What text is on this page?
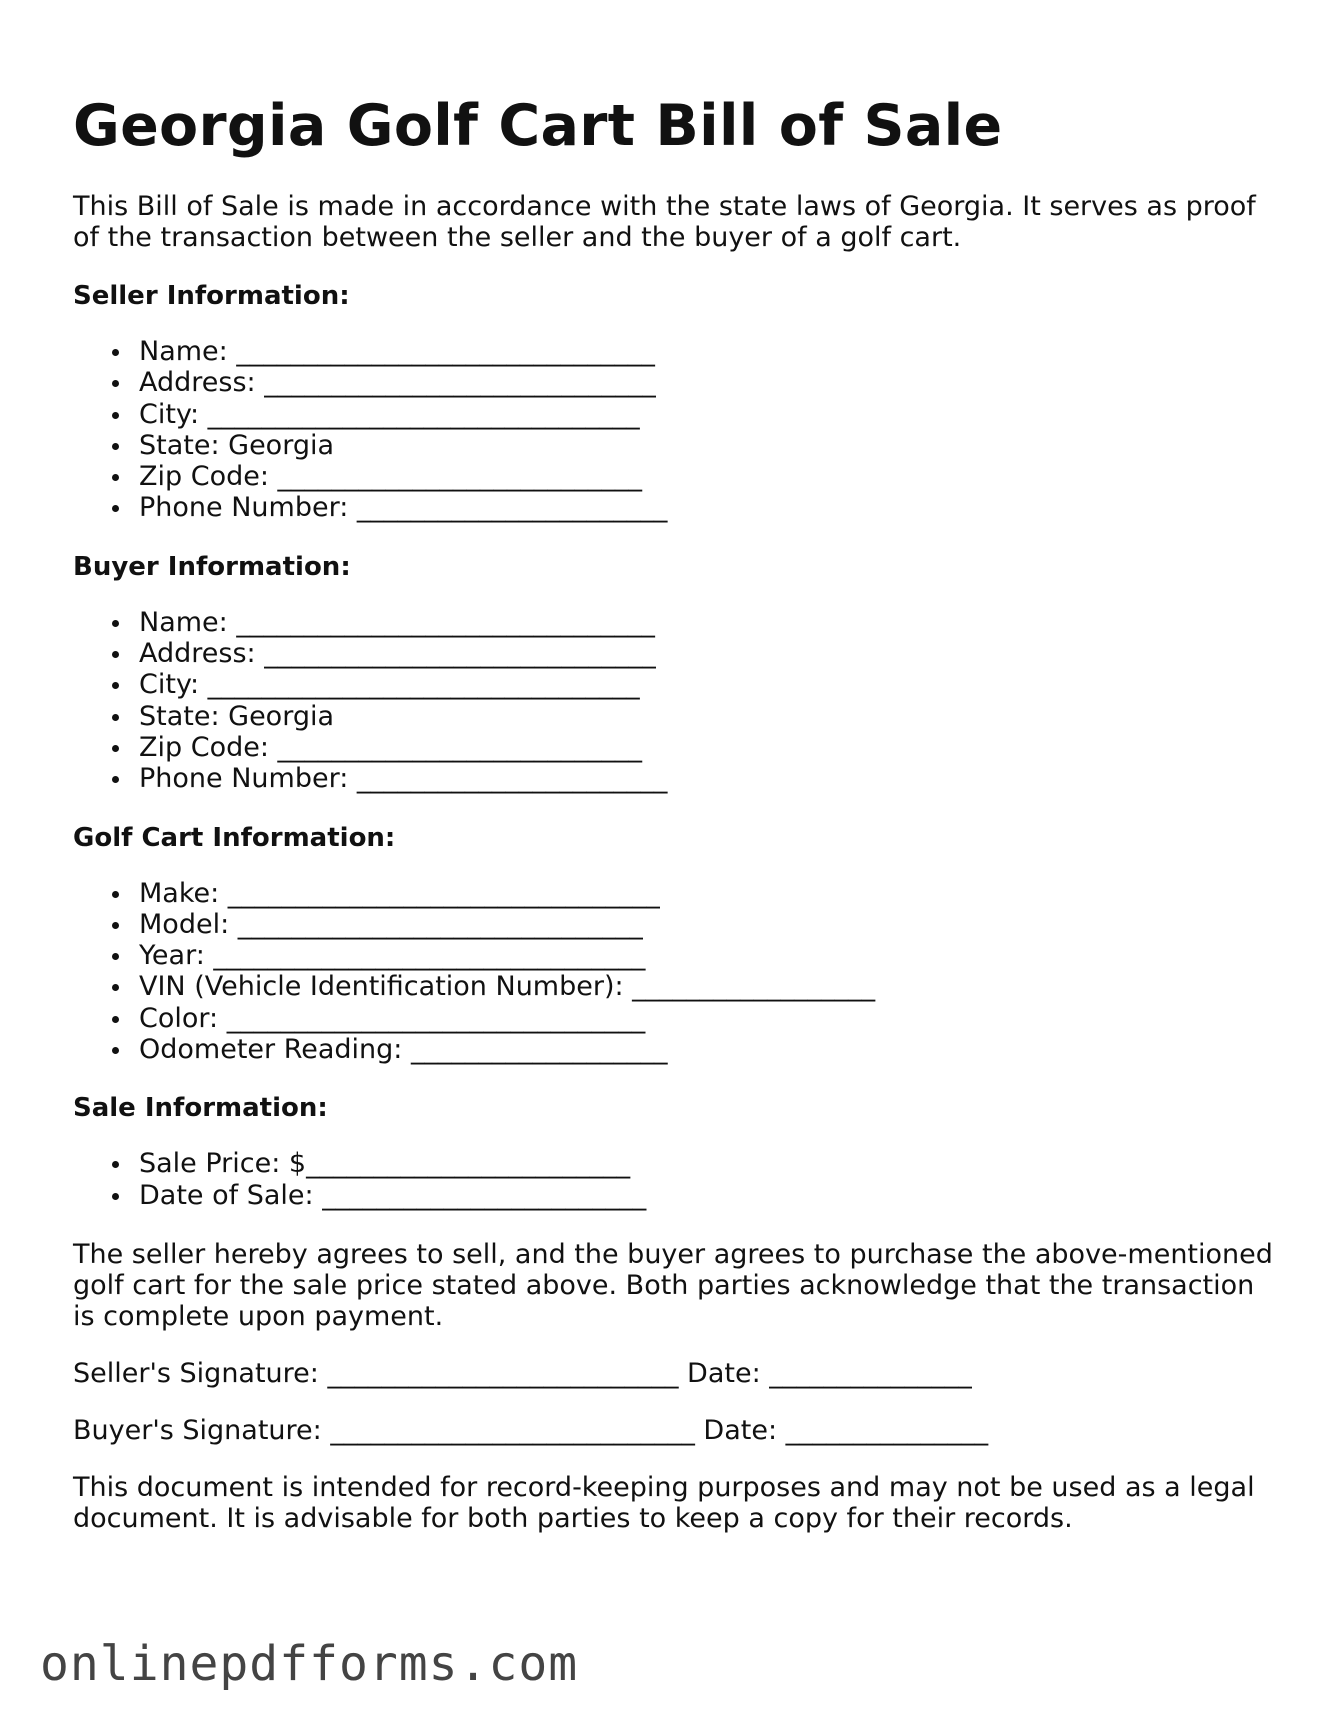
Georgia Golf Cart Bill of Sale

This Bill of Sale is made in accordance with the state laws of Georgia. It serves as proof of the transaction between the seller and the buyer of a golf cart.

Seller Information:
Name: _______________________________
Address: _____________________________
City: ________________________________
State: Georgia
Zip Code: ___________________________
Phone Number: _______________________
Buyer Information:
Name: _______________________________
Address: _____________________________
City: ________________________________
State: Georgia
Zip Code: ___________________________
Phone Number: _______________________
Golf Cart Information:
Make: ________________________________
Model: ______________________________
Year: ________________________________
VIN (Vehicle Identification Number): __________________
Color: _______________________________
Odometer Reading: ___________________
Sale Information:
Sale Price: $________________________
Date of Sale: ________________________

The seller hereby agrees to sell, and the buyer agrees to purchase the above-mentioned golf cart for the sale price stated above. Both parties acknowledge that the transaction is complete upon payment.

Seller's Signature: __________________________ Date: _______________
Buyer's Signature: ___________________________ Date: _______________

This document is intended for record-keeping purposes and may not be used as a legal document. It is advisable for both parties to keep a copy for their records.

onlinepdfforms.com
